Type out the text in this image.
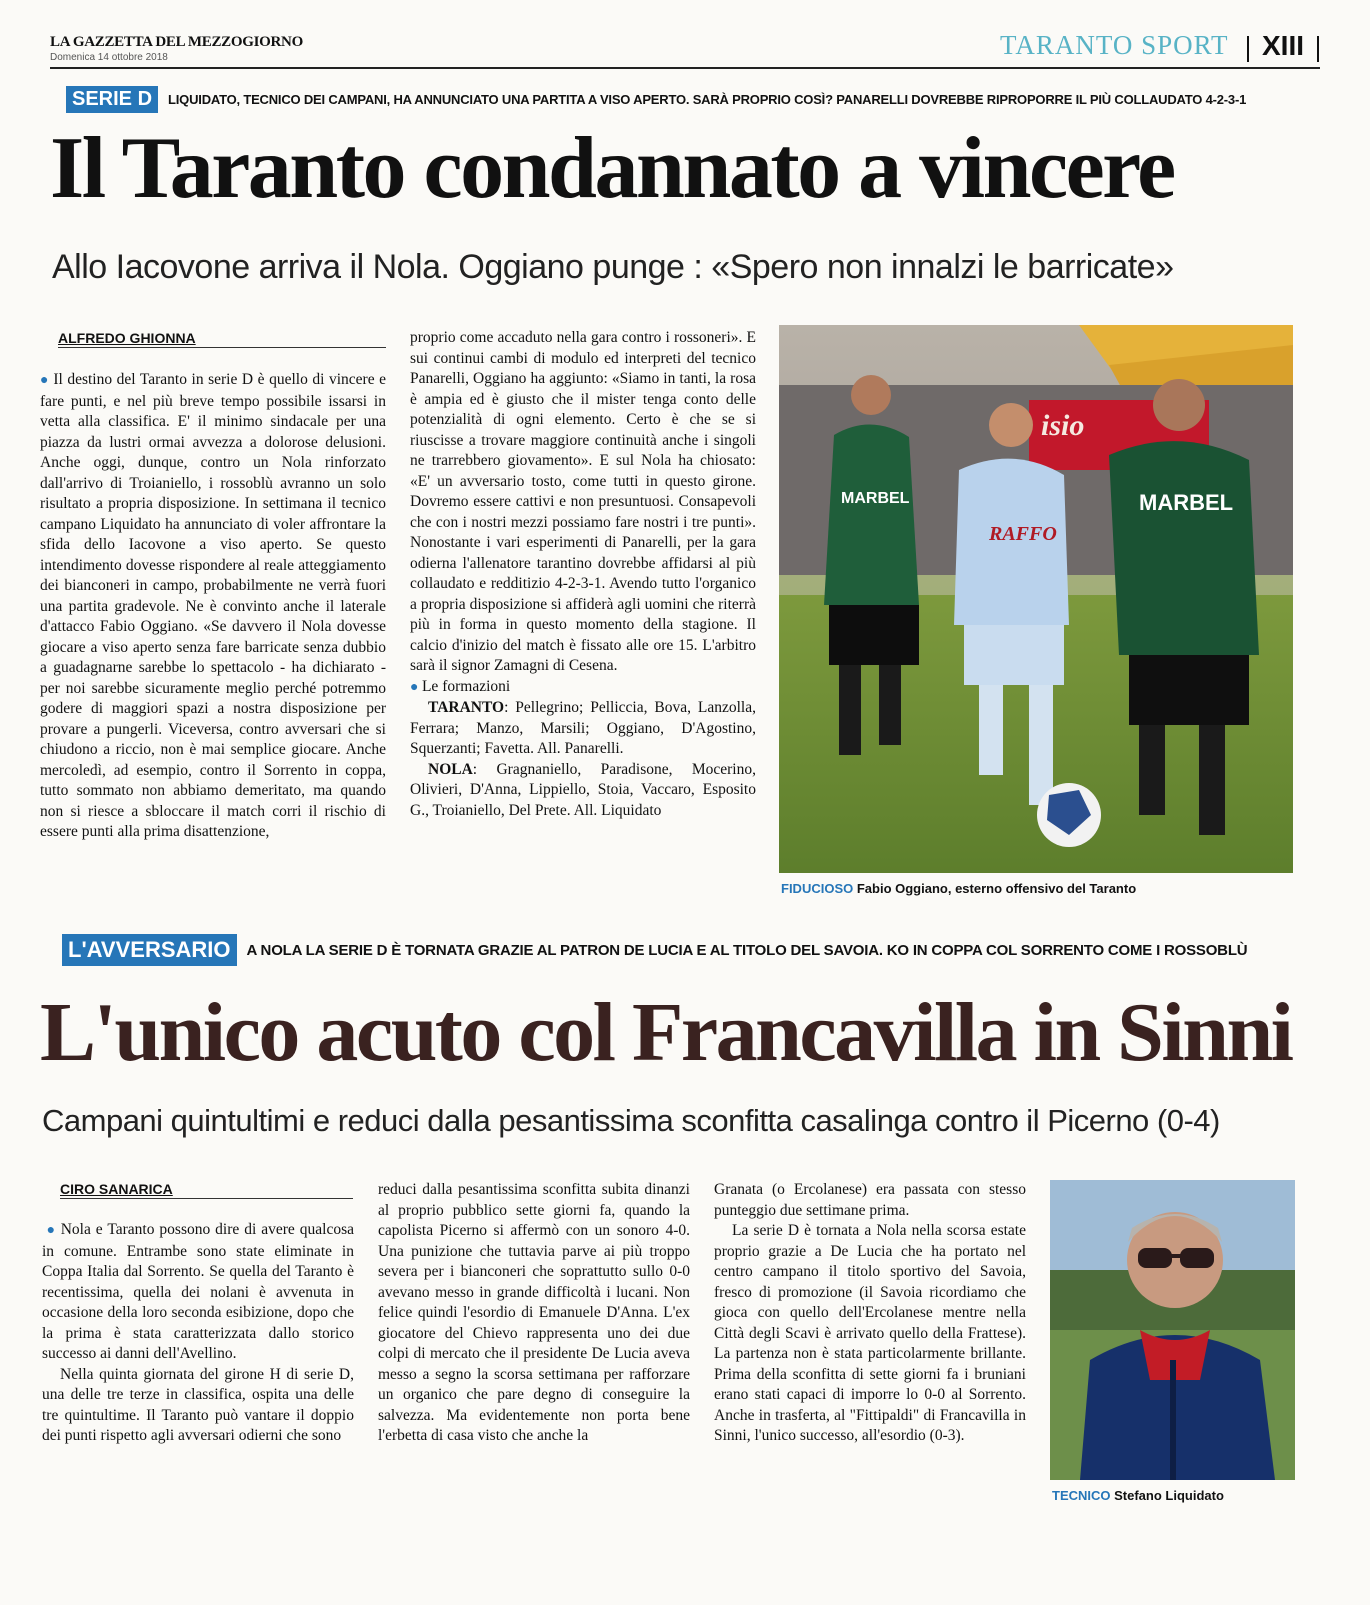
LA GAZZETTA DEL MEZZOGIORNO
Domenica 14 ottobre 2018	TARANTO SPORT XIII
SERIE D	LIQUIDATO, TECNICO DEI CAMPANI, HA ANNUNCIATO UNA PARTITA A VISO APERTO. SARÀ PROPRIO COSÌ? PANARELLI DOVREBBE RIPROPORRE IL PIÙ COLLAUDATO 4-2-3-1
Il Taranto condannato a vincere
Allo Iacovone arriva il Nola. Oggiano punge : «Spero non innalzi le barricate»
ALFREDO GHIONNA

● Il destino del Taranto in serie D è quello di vincere e fare punti, e nel più breve tempo possibile issarsi in vetta alla classifica. E' il minimo sindacale per una piazza da lustri ormai avvezza a dolorose delusioni. Anche oggi, dunque, contro un Nola rinforzato dall'arrivo di Troianiello, i rossoblù avranno un solo risultato a propria disposizione. In settimana il tecnico campano Liquidato ha annunciato di voler affrontare la sfida dello Iacovone a viso aperto. Se questo intendimento dovesse rispondere al reale atteggiamento dei bianconeri in campo, probabilmente ne verrà fuori una partita gradevole. Ne è convinto anche il laterale d'attacco Fabio Oggiano. «Se davvero il Nola dovesse giocare a viso aperto senza fare barricate senza dubbio a guadagnarne sarebbe lo spettacolo - ha dichiarato - per noi sarebbe sicuramente meglio perché potremmo godere di maggiori spazi a nostra disposizione per provare a pungerli. Viceversa, contro avversari che si chiudono a riccio, non è mai semplice giocare. Anche mercoledì, ad esempio, contro il Sorrento in coppa, tutto sommato non abbiamo demeritato, ma quando non si riesce a sbloccare il match corri il rischio di essere punti alla prima disattenzione,

proprio come accaduto nella gara contro i rossoneri». E sui continui cambi di modulo ed interpreti del tecnico Panarelli, Oggiano ha aggiunto: «Siamo in tanti, la rosa è ampia ed è giusto che il mister tenga conto delle potenzialità di ogni elemento. Certo è che se si riuscisse a trovare maggiore continuità anche i singoli ne trarrebbero giovamento». E sul Nola ha chiosato: «E' un avversario tosto, come tutti in questo girone. Dovremo essere cattivi e non presuntuosi. Consapevoli che con i nostri mezzi possiamo fare nostri i tre punti». Nonostante i vari esperimenti di Panarelli, per la gara odierna l'allenatore tarantino dovrebbe affidarsi al più collaudato e redditizio 4-2-3-1. Avendo tutto l'organico a propria disposizione si affiderà agli uomini che riterrà più in forma in questo momento della stagione. Il calcio d'inizio del match è fissato alle ore 15. L'arbitro sarà il signor Zamagni di Cesena.

● Le formazioni

TARANTO: Pellegrino; Pelliccia, Bova, Lanzolla, Ferrara; Manzo, Marsili; Oggiano, D'Agostino, Squerzanti; Favetta. All. Panarelli.

NOLA: Gragnaniello, Paradisone, Mocerino, Olivieri, D'Anna, Lippiello, Stoia, Vaccaro, Esposito G., Troianiello, Del Prete. All. Liquidato

isio
MARBEL
RAFFO
MARBEL
FIDUCIOSO Fabio Oggiano, esterno offensivo del Taranto
L'AVVERSARIO	A NOLA LA SERIE D È TORNATA GRAZIE AL PATRON DE LUCIA E AL TITOLO DEL SAVOIA. KO IN COPPA COL SORRENTO COME I ROSSOBLÙ
L'unico acuto col Francavilla in Sinni
Campani quintultimi e reduci dalla pesantissima sconfitta casalinga contro il Picerno (0-4)
CIRO SANARICA

● Nola e Taranto possono dire di avere qualcosa in comune. Entrambe sono state eliminate in Coppa Italia dal Sorrento. Se quella del Taranto è recentissima, quella dei nolani è avvenuta in occasione della loro seconda esibizione, dopo che la prima è stata caratterizzata dallo storico successo ai danni dell'Avellino.

Nella quinta giornata del girone H di serie D, una delle tre terze in classifica, ospita una delle tre quintultime. Il Taranto può vantare il doppio dei punti rispetto agli avversari odierni che sono

reduci dalla pesantissima sconfitta subita dinanzi al proprio pubblico sette giorni fa, quando la capolista Picerno si affermò con un sonoro 4-0. Una punizione che tuttavia parve ai più troppo severa per i bianconeri che soprattutto sullo 0-0 avevano messo in grande difficoltà i lucani. Non felice quindi l'esordio di Emanuele D'Anna. L'ex giocatore del Chievo rappresenta uno dei due colpi di mercato che il presidente De Lucia aveva messo a segno la scorsa settimana per rafforzare un organico che pare degno di conseguire la salvezza. Ma evidentemente non porta bene l'erbetta di casa visto che anche la

Granata (o Ercolanese) era passata con stesso punteggio due settimane prima.

La serie D è tornata a Nola nella scorsa estate proprio grazie a De Lucia che ha portato nel centro campano il titolo sportivo del Savoia, fresco di promozione (il Savoia ricordiamo che gioca con quello dell'Ercolanese mentre nella Città degli Scavi è arrivato quello della Frattese). La partenza non è stata particolarmente brillante. Prima della sconfitta di sette giorni fa i bruniani erano stati capaci di imporre lo 0-0 al Sorrento. Anche in trasferta, al "Fittipaldi" di Francavilla in Sinni, l'unico successo, all'esordio (0-3).

TECNICO Stefano Liquidato
